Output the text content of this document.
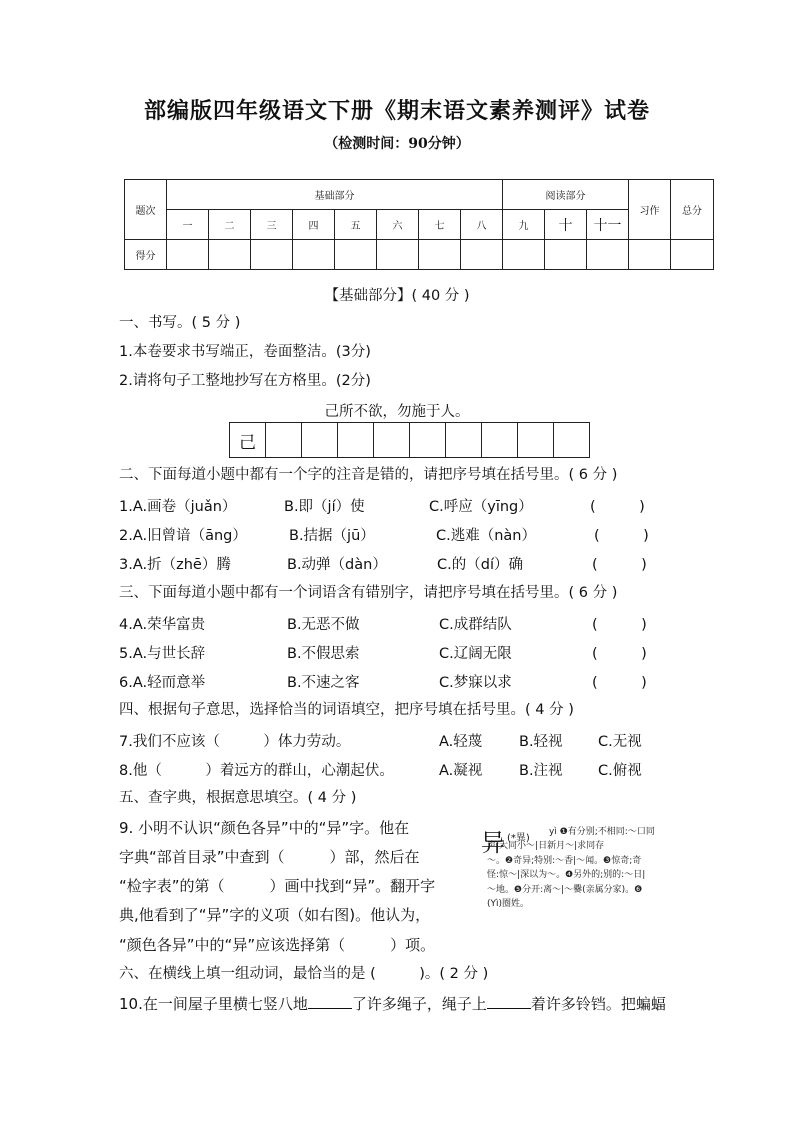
部编版四年级语文下册《期末语文素养测评》试卷
（检测时间：90分钟）
题次	基础部分								阅读部分			习作	总分
	一	二	三	四	五	六	七	八	九	十	十一		
得分													
【基础部分】( 40 分 )
一、书写。( 5 分 )
1.本卷要求书写端正，卷面整洁。(3分)
2.请将句子工整地抄写在方格里。(2分)
己所不欲，勿施于人。
己
二、下面每道小题中都有一个字的注音是错的，请把序号填在括号里。( 6 分 )
1.A.画卷（juǎn）	B.即（jí）使	C.呼应（yīng）	(　　　)
2.A.旧曾谙（āng）	B.拮据（jū）	C.逃难（nàn）	(　　　)
3.A.折（zhē）腾	B.动弹（dàn）	C.的（dí）确	(　　　)
三、下面每道小题中都有一个词语含有错别字，请把序号填在括号里。( 6 分 )
4.A.荣华富贵	B.无恶不做	C.成群结队	(　　　)
5.A.与世长辞	B.不假思索	C.辽阔无限	(　　　)
6.A.轻而意举	B.不速之客	C.梦寐以求	(　　　)
四、根据句子意思，选择恰当的词语填空，把序号填在括号里。( 4 分 )
7.我们不应该（　　　）体力劳动。	A.轻蔑	B.轻视 C.无视
8.他（　　　）着远方的群山，心潮起伏。	A.凝视	B.注视 C.俯视
五、查字典，根据意思填空。( 4 分 )
9. 小明不认识“颜色各异”中的“异”字。他在
字典“部首目录”中查到（　　　）部，然后在
“检字表”的第（　　　）画中找到“异”。翻开字
典,他看到了“异”字的义项（如右图)。他认为，
“颜色各异”中的“异”应该选择第（　　　）项。
异 (*異)
yì ❶有分别;不相同:～口同
声|大同小～|日新月～|求同存
～。❷奇异;特别:～香|～闻。❸惊奇;奇
怪:惊～|深以为～。❹另外的;别的:～日|
～地。❺分开:离～|～爨(亲属分家)。❻
(Yì)圈姓。
六、在横线上填一组动词，最恰当的是 (　　　)。( 2 分 )
10.在一间屋子里横七竖八地	了许多绳子，绳子上	着许多铃铛。把蝙蝠
